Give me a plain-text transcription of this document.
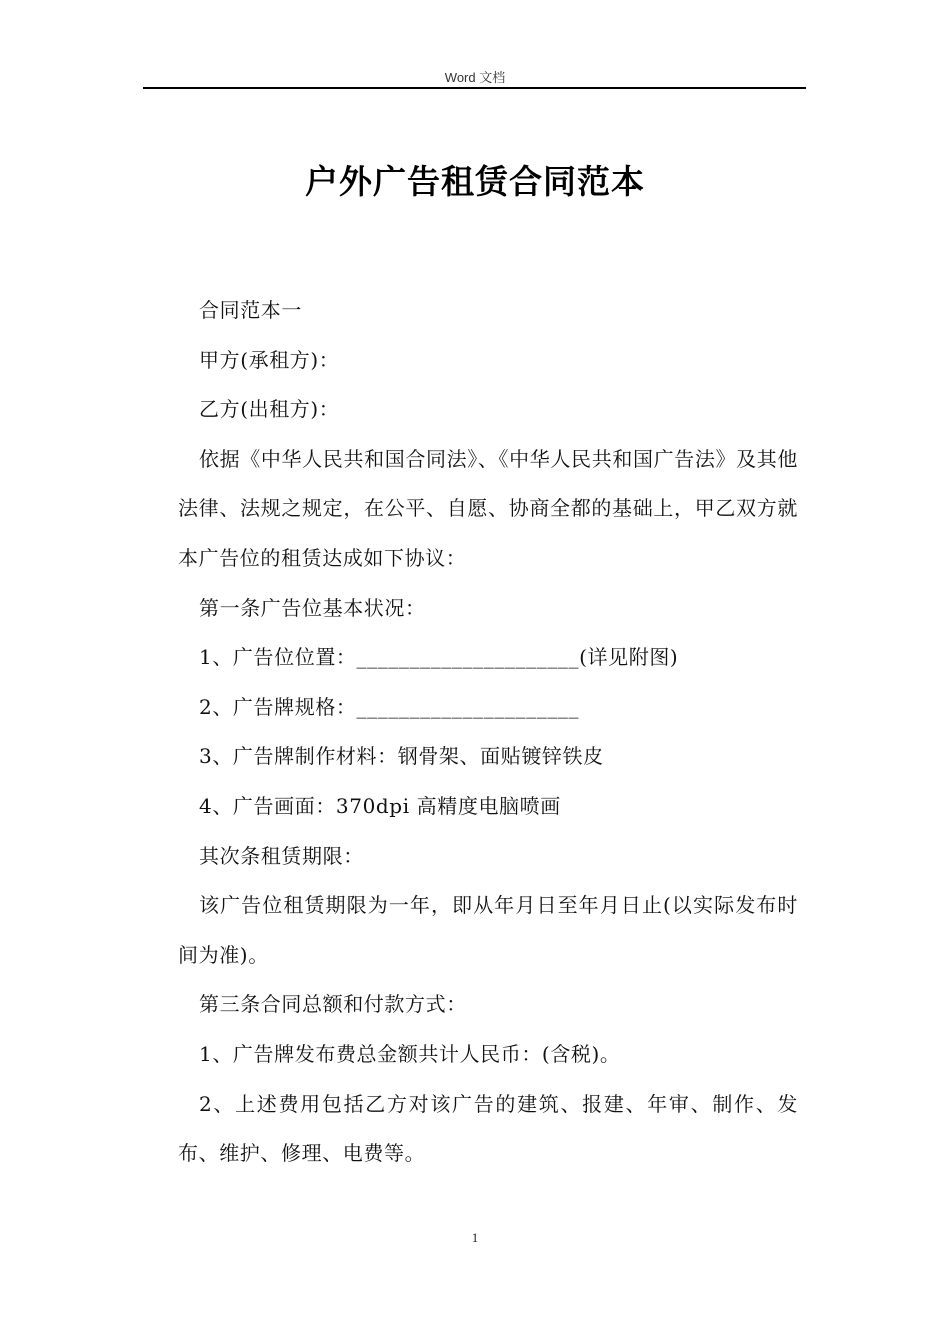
Word 文档
户外广告租赁合同范本

合同范本一

甲方(承租方)：

乙方(出租方)：

依据《中华人民共和国合同法》、《中华人民共和国广告法》及其他法律、法规之规定，在公平、自愿、协商全都的基础上，甲乙双方就本广告位的租赁达成如下协议：

第一条广告位基本状况：

1、广告位位置：_____________________(详见附图)

2、广告牌规格：_____________________

3、广告牌制作材料：钢骨架、面贴镀锌铁皮

4、广告画面：370dpi 高精度电脑喷画

其次条租赁期限：

该广告位租赁期限为一年，即从年月日至年月日止(以实际发布时间为准)。

第三条合同总额和付款方式：

1、广告牌发布费总金额共计人民币：(含税)。

2、上述费用包括乙方对该广告的建筑、报建、年审、制作、发布、维护、修理、电费等。

1
